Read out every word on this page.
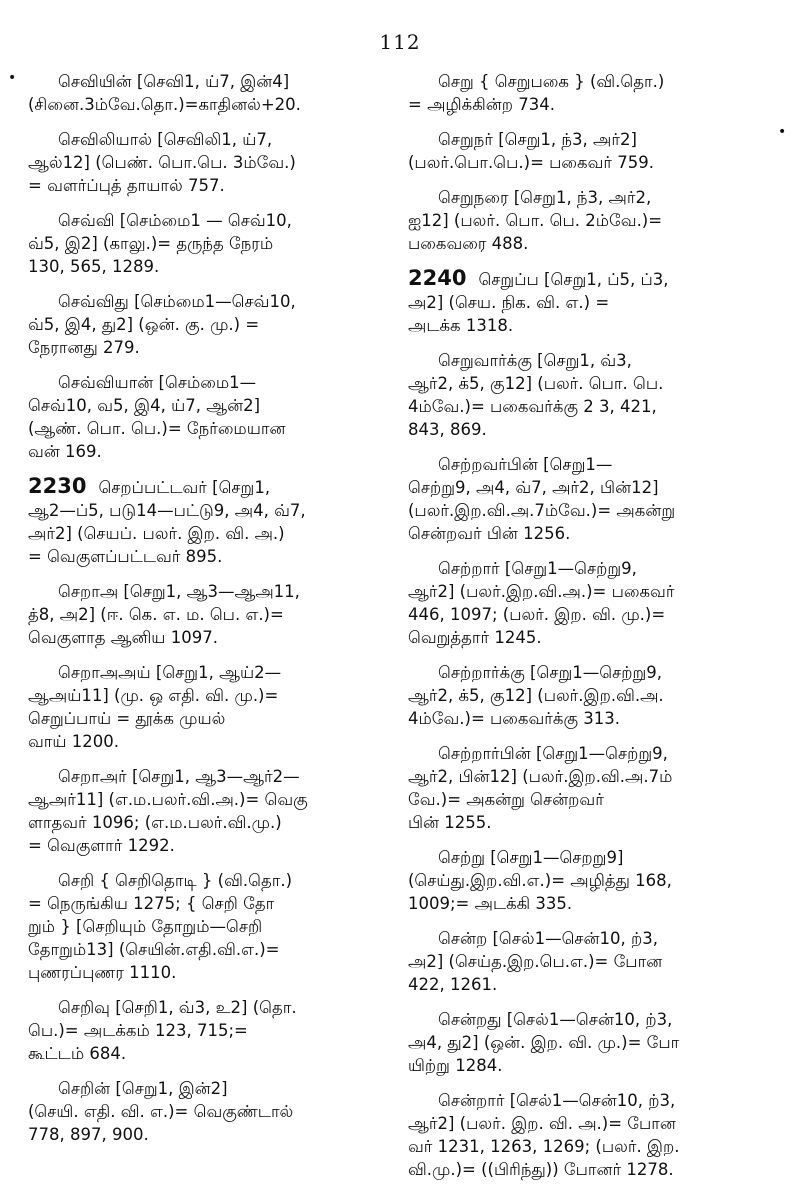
112
•
•

செவியின் [செவி1, ய்7, இன்4]

(சினை.3ம்வே.தொ.)=காதினல்+20.

செவிலியால் [செவிலி1, ய்7,

ஆல்12] (பெண். பொ.பெ. 3ம்வே.)

= வளர்ப்புத் தாயால் 757.

செவ்வி [செம்மை1 — செவ்10,

வ்5, இ2] (காலு.)= தருந்த நேரம்

130, 565, 1289.

செவ்விது [செம்மை1—செவ்10,

வ்5, இ4, து2] (ஒன். கு. மு.) =

நேரானது 279.

செவ்வியான் [செம்மை1—

செவ்10, வ5, இ4, ய்7, ஆன்2]

(ஆண். பொ. பெ.)= நேர்மையான

வன் 169.

2230 செறப்பட்டவர் [செறு1,

ஆ2—ப்5, படு14—பட்டு9, அ4, வ்7,

அர்2] (செயப். பலர். இற. வி. அ.)

= வெகுளப்பட்டவர் 895.

செறாஅ [செறு1, ஆ3—ஆஅ11,

த்8, அ2] (ஈ. கெ. எ. ம. பெ. எ.)=

வெகுளாத ஆனிய 1097.

செறாஅஅய் [செறு1, ஆய்2—

ஆஅய்11] (மு. ஒ எதி. வி. மு.)=

செறுப்பாய் = தூக்க முயல்

வாய் 1200.

செறாஅர் [செறு1, ஆ3—ஆர்2—

ஆஅர்11] (எ.ம.பலர்.வி.அ.)= வெகு

ளாதவர் 1096; (எ.ம.பலர்.வி.மு.)

= வெகுளார் 1292.

செறி { செறிதொடி } (வி.தொ.)

= நெருங்கிய 1275; { செறி தோ

றும் } [செறியும் தோறும்—செறி

தோறும்13] (செயின்.எதி.வி.எ.)=

புணரப்புணர 1110.

செறிவு [செறி1, வ்3, உ2] (தொ.

பெ.)= அடக்கம் 123, 715;=

கூட்டம் 684.

செறின் [செறு1, இன்2]

(செயி. எதி. வி. எ.)= வெகுண்டால்

778, 897, 900.

செறு { செறுபகை } (வி.தொ.)

= அழிக்கின்ற 734.

செறுநர் [செறு1, ந்3, அர்2]

(பலர்.பொ.பெ.)= பகைவர் 759.

செறுநரை [செறு1, ந்3, அர்2,

ஐ12] (பலர். பொ. பெ. 2ம்வே.)=

பகைவரை 488.

2240 செறுப்ப [செறு1, ப்5, ப்3,

அ2] (செய. நிக. வி. எ.) =

அடக்க 1318.

செறுவார்க்கு [செறு1, வ்3,

ஆர்2, க்5, கு12] (பலர். பொ. பெ.

4ம்வே.)= பகைவர்க்கு 2 3, 421,

843, 869.

செற்றவர்பின் [செறு1—

செற்று9, அ4, வ்7, அர்2, பின்12]

(பலர்.இற.வி.அ.7ம்வே.)= அகன்று

சென்றவர் பின் 1256.

செற்றார் [செறு1—செற்று9,

ஆர்2] (பலர்.இற.வி.அ.)= பகைவர்

446, 1097; (பலர். இற. வி. மு.)=

வெறுத்தார் 1245.

செற்றார்க்கு [செறு1—செற்று9,

ஆர்2, க்5, கு12] (பலர்.இற.வி.அ.

4ம்வே.)= பகைவர்க்கு 313.

செற்றார்பின் [செறு1—செற்று9,

ஆர்2, பின்12] (பலர்.இற.வி.அ.7ம்

வே.)= அகன்று சென்றவர்

பின் 1255.

செற்று [செறு1—செறறு9]

(செய்து.இற.வி.எ.)= அழித்து 168,

1009;= அடக்கி 335.

சென்ற [செல்1—சென்10, ற்3,

அ2] (செய்த.இற.பெ.எ.)= போன

422, 1261.

சென்றது [செல்1—சென்10, ற்3,

அ4, து2] (ஒன். இற. வி. மு.)= போ

யிற்று 1284.

சென்றார் [செல்1—சென்10, ற்3,

ஆர்2] (பலர். இற. வி. அ.)= போன

வர் 1231, 1263, 1269; (பலர். இற.

வி.மு.)= ((பிரிந்து)) போனர் 1278.
